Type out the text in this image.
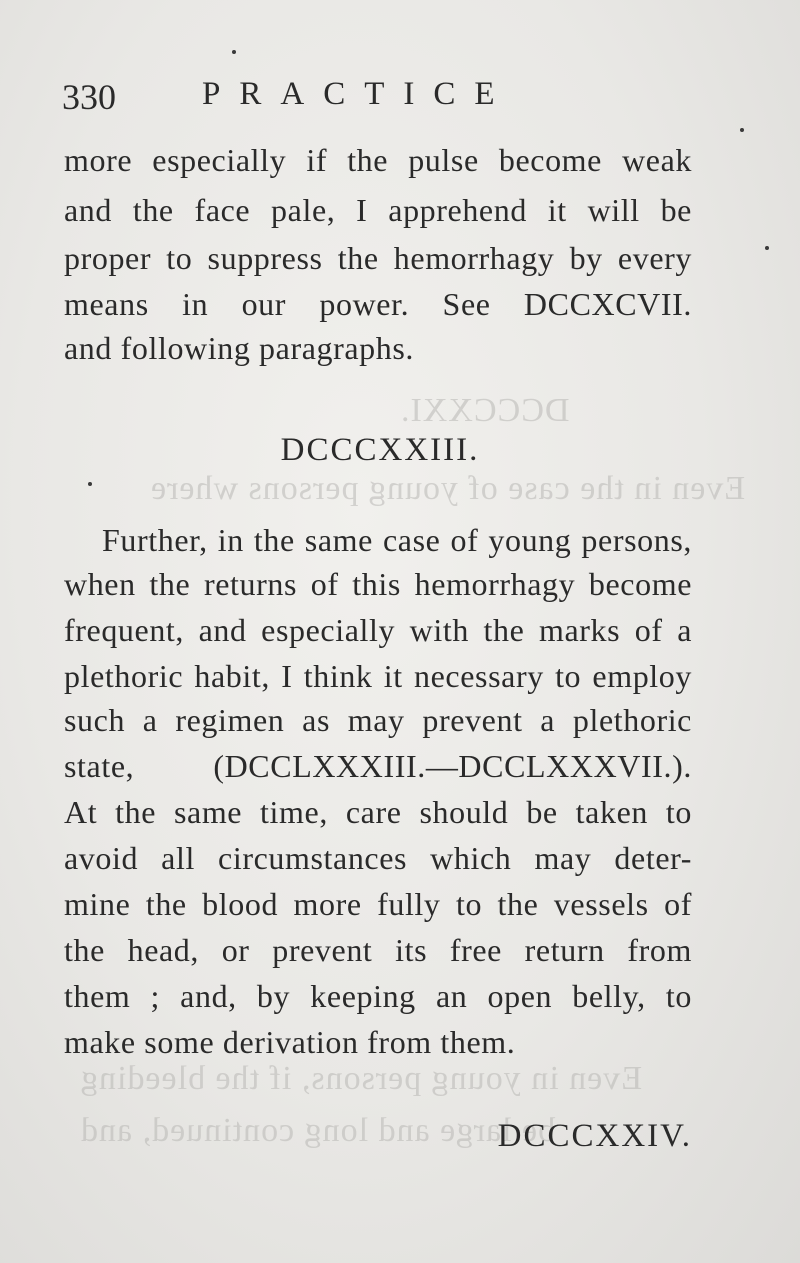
DCCCXXI.
Even in the case of young persons where
Even in young persons, if the bleeding
be large and long continued, and
330	PRACTICE
more especially if the pulse become weak
and the face pale, I apprehend it will be
proper to suppress the hemorrhagy by every
means in our power. See DCCXCVII.
and following paragraphs.
DCCCXXIII.
Further, in the same case of young persons,
when the returns of this hemorrhagy become
frequent, and especially with the marks of a
plethoric habit, I think it necessary to employ
such a regimen as may prevent a plethoric
state, (DCCLXXXIII.—DCCLXXXVII.).
At the same time, care should be taken to
avoid all circumstances which may deter-
mine the blood more fully to the vessels of
the head, or prevent its free return from
them ; and, by keeping an open belly, to
make some derivation from them.
DCCCXXIV.
